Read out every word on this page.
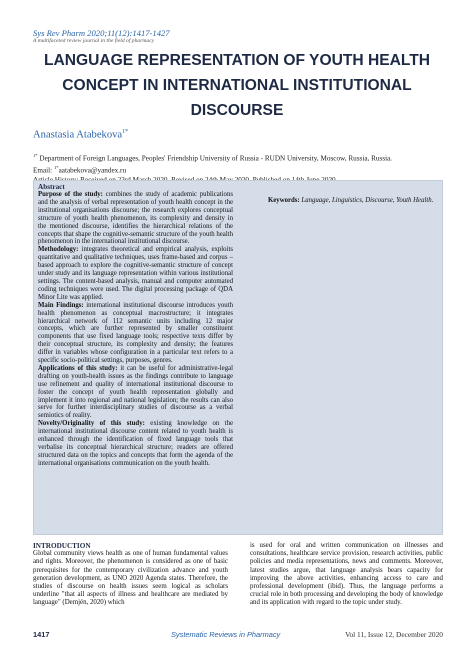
Sys Rev Pharm 2020;11(12):1417-1427
A multifaceted review journal in the field of pharmacy
LANGUAGE REPRESENTATION OF YOUTH HEALTH CONCEPT IN INTERNATIONAL INSTITUTIONAL DISCOURSE
Anastasia Atabekova$^{1*}$
$^{1*}$ Department of Foreign Languages, Peoples' Friendship University of Russia - RUDN University, Moscow, Russia, Russia.
Email: $^{1*}$aatabekova@yandex.ru
Abstract

Purpose of the study: combines the study of academic publications and the analysis of verbal representation of youth health concept in the institutional organisations discourse; the research explores conceptual structure of youth health phenomenon, its complexity and density in the mentioned discourse, identifies the hierarchical relations of the concepts that shape the cognitive-semantic structure of the youth health phenomenon in the international institutional discourse.

Methodology: integrates theoretical and empirical analysis, exploits quantitative and qualitative techniques, uses frame-based and corpus – based approach to explore the cognitive-semantic structure of concept under study and its language representation within various institutional settings. The content-based analysis, manual and computer automated coding techniques were used. The digital processing package of QDA Minor Lite was applied.

Main Findings: international institutional discourse introduces youth health phenomenon as conceptual macrostructure; it integrates hierarchical network of 112 semantic units including 12 major concepts, which are further represented by smaller constituent components that use fixed language tools; respective texts differ by their conceptual structure, its complexity and density; the features differ in variables whose configuration in a particular text refers to a specific socio-political settings, purposes, genres.

Applications of this study: it can be useful for administrative-legal drafting on youth-health issues as the findings contribute to language use refinement and quality of international institutional discourse to foster the concept of youth health representation globally and implement it into regional and national legislation; the results can also serve for further interdisciplinary studies of discourse as a verbal semiotics of reality.

Novelty/Originality of this study: existing knowledge on the international institutional discourse content related to youth health is enhanced through the identification of fixed language tools that verbalise its conceptual hierarchical structure; readers are offered structured data on the topics and concepts that form the agenda of the international organisations communication on the youth health.

Keywords: Language, Linguistics, Discourse, Youth Health.
INTRODUCTION

Global community views health as one of human fundamental values and rights. Moreover, the phenomenon is considered as one of basic prerequisites for the contemporary civilization advance and youth generation development, as UNO 2020 Agenda states. Therefore, the studies of discourse on health issues seem logical as scholars underline "that all aspects of illness and healthcare are mediated by language" (Demjén, 2020) which

is used for oral and written communication on illnesses and consultations, healthcare service provision, research activities, public policies and media representations, news and comments. Moreover, latest studies argue, that language analysis bears capacity for improving the above activities, enhancing access to care and professional development (ibid). Thus, the language performs a crucial role in both processing and developing the body of knowledge and its application with regard to the topic under study.

1417	Systematic Reviews in Pharmacy	Vol 11, Issue 12, December 2020
